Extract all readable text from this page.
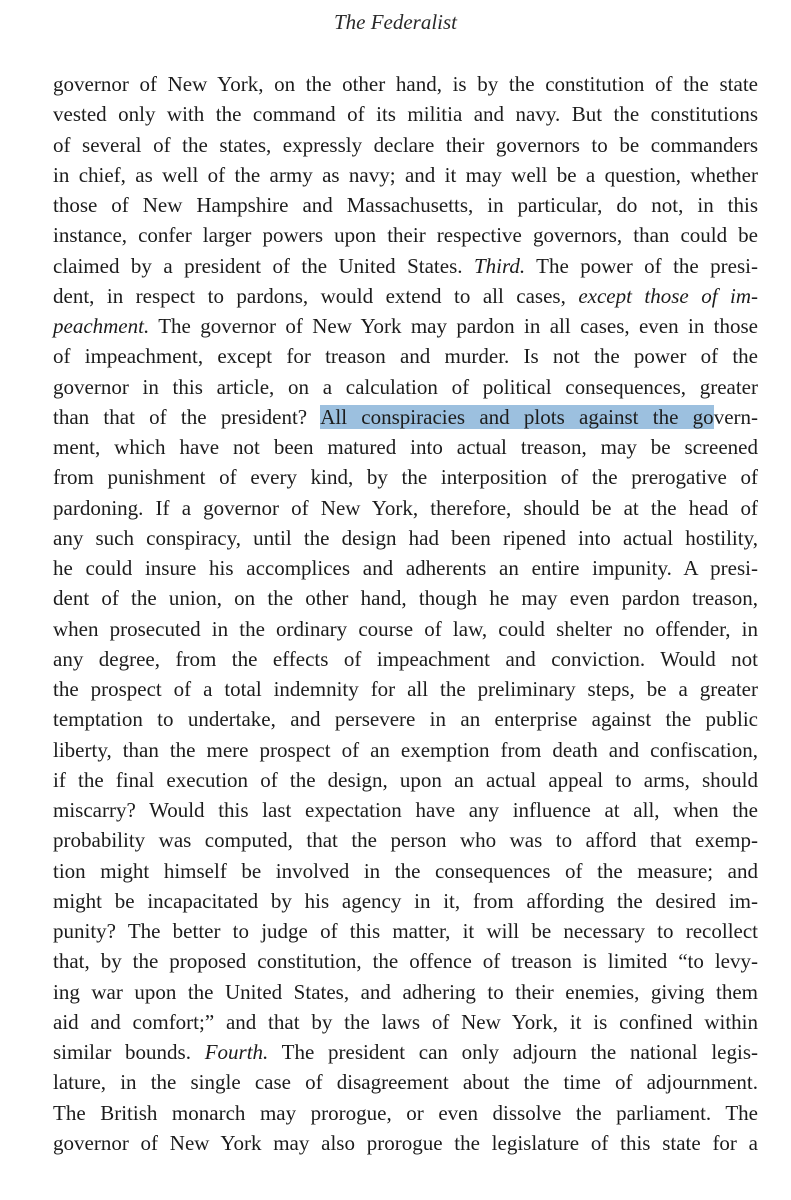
The Federalist
governor of New York, on the other hand, is by the constitution of the state
vested only with the command of its militia and navy. But the constitutions
of several of the states, expressly declare their governors to be commanders
in chief, as well of the army as navy; and it may well be a question, whether
those of New Hampshire and Massachusetts, in particular, do not, in this
instance, confer larger powers upon their respective governors, than could be
claimed by a president of the United States. Third. The power of the presi-
dent, in respect to pardons, would extend to all cases, except those of im-
peachment. The governor of New York may pardon in all cases, even in those
of impeachment, except for treason and murder. Is not the power of the
governor in this article, on a calculation of political consequences, greater
than that of the president? All conspiracies and plots against the govern-
ment, which have not been matured into actual treason, may be screened
from punishment of every kind, by the interposition of the prerogative of
pardoning. If a governor of New York, therefore, should be at the head of
any such conspiracy, until the design had been ripened into actual hostility,
he could insure his accomplices and adherents an entire impunity. A presi-
dent of the union, on the other hand, though he may even pardon treason,
when prosecuted in the ordinary course of law, could shelter no offender, in
any degree, from the effects of impeachment and conviction. Would not
the prospect of a total indemnity for all the preliminary steps, be a greater
temptation to undertake, and persevere in an enterprise against the public
liberty, than the mere prospect of an exemption from death and confiscation,
if the final execution of the design, upon an actual appeal to arms, should
miscarry? Would this last expectation have any influence at all, when the
probability was computed, that the person who was to afford that exemp-
tion might himself be involved in the consequences of the measure; and
might be incapacitated by his agency in it, from affording the desired im-
punity? The better to judge of this matter, it will be necessary to recollect
that, by the proposed constitution, the offence of treason is limited “to levy-
ing war upon the United States, and adhering to their enemies, giving them
aid and comfort;” and that by the laws of New York, it is confined within
similar bounds. Fourth. The president can only adjourn the national legis-
lature, in the single case of disagreement about the time of adjournment.
The British monarch may prorogue, or even dissolve the parliament. The
governor of New York may also prorogue the legislature of this state for a
